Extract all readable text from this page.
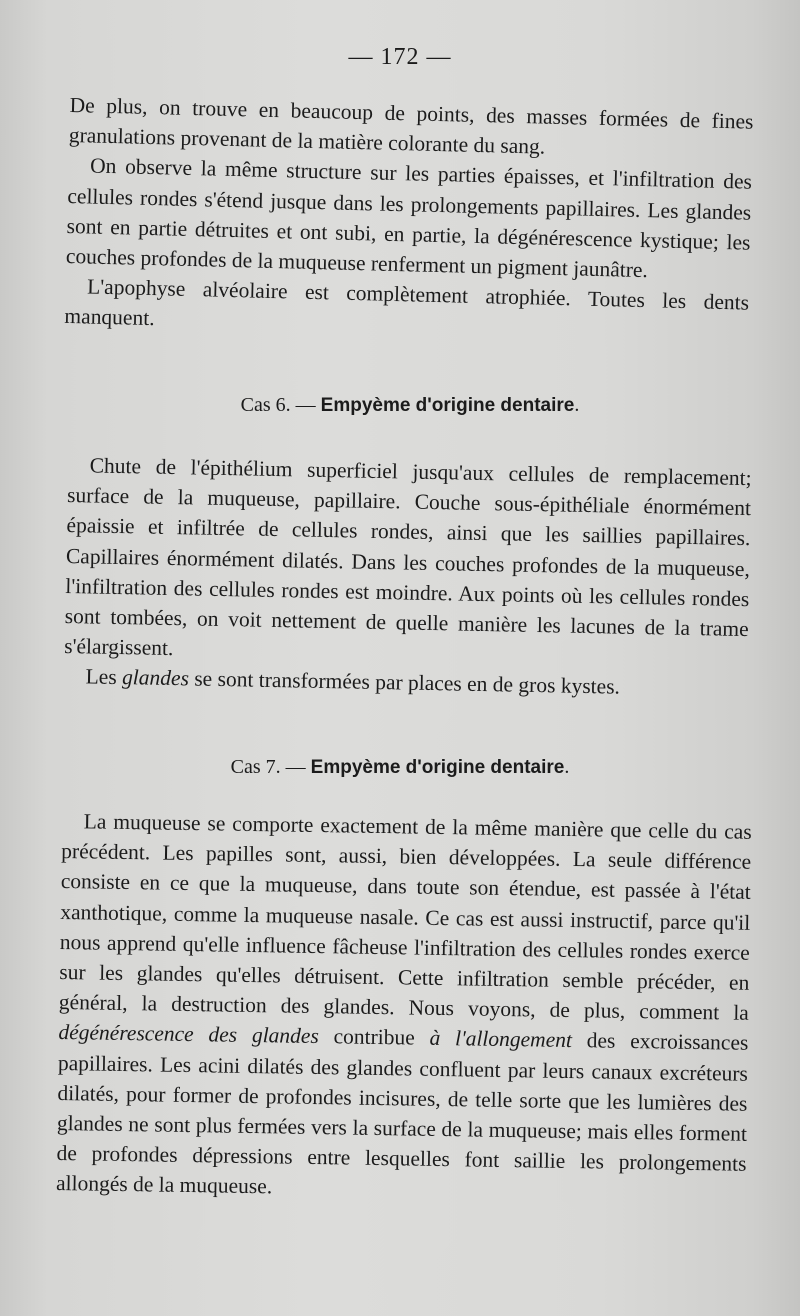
— 172 —

De plus, on trouve en beaucoup de points, des masses formées de fines granulations provenant de la matière colorante du sang.

On observe la même structure sur les parties épaisses, et l'infiltration des cellules rondes s'étend jusque dans les prolongements papillaires. Les glandes sont en partie détruites et ont subi, en partie, la dégénérescence kystique; les couches profondes de la muqueuse renferment un pigment jaunâtre.

L'apophyse alvéolaire est complètement atrophiée. Toutes les dents manquent.

Cas 6. — Empyème d'origine dentaire.

Chute de l'épithélium superficiel jusqu'aux cellules de remplacement; surface de la muqueuse, papillaire. Couche sous-épithéliale énormément épaissie et infiltrée de cellules rondes, ainsi que les saillies papillaires. Capillaires énormément dilatés. Dans les couches profondes de la muqueuse, l'infiltration des cellules rondes est moindre. Aux points où les cellules rondes sont tombées, on voit nettement de quelle manière les lacunes de la trame s'élargissent.

Les glandes se sont transformées par places en de gros kystes.

Cas 7. — Empyème d'origine dentaire.

La muqueuse se comporte exactement de la même manière que celle du cas précédent. Les papilles sont, aussi, bien développées. La seule différence consiste en ce que la muqueuse, dans toute son étendue, est passée à l'état xanthotique, comme la muqueuse nasale. Ce cas est aussi instructif, parce qu'il nous apprend qu'elle influence fâcheuse l'infiltration des cellules rondes exerce sur les glandes qu'elles détruisent. Cette infiltration semble précéder, en général, la destruction des glandes. Nous voyons, de plus, comment la dégénérescence des glandes contribue à l'allongement des excroissances papillaires. Les acini dilatés des glandes confluent par leurs canaux excréteurs dilatés, pour former de profondes incisures, de telle sorte que les lumières des glandes ne sont plus fermées vers la surface de la muqueuse; mais elles forment de profondes dépressions entre lesquelles font saillie les prolongements allongés de la muqueuse.
